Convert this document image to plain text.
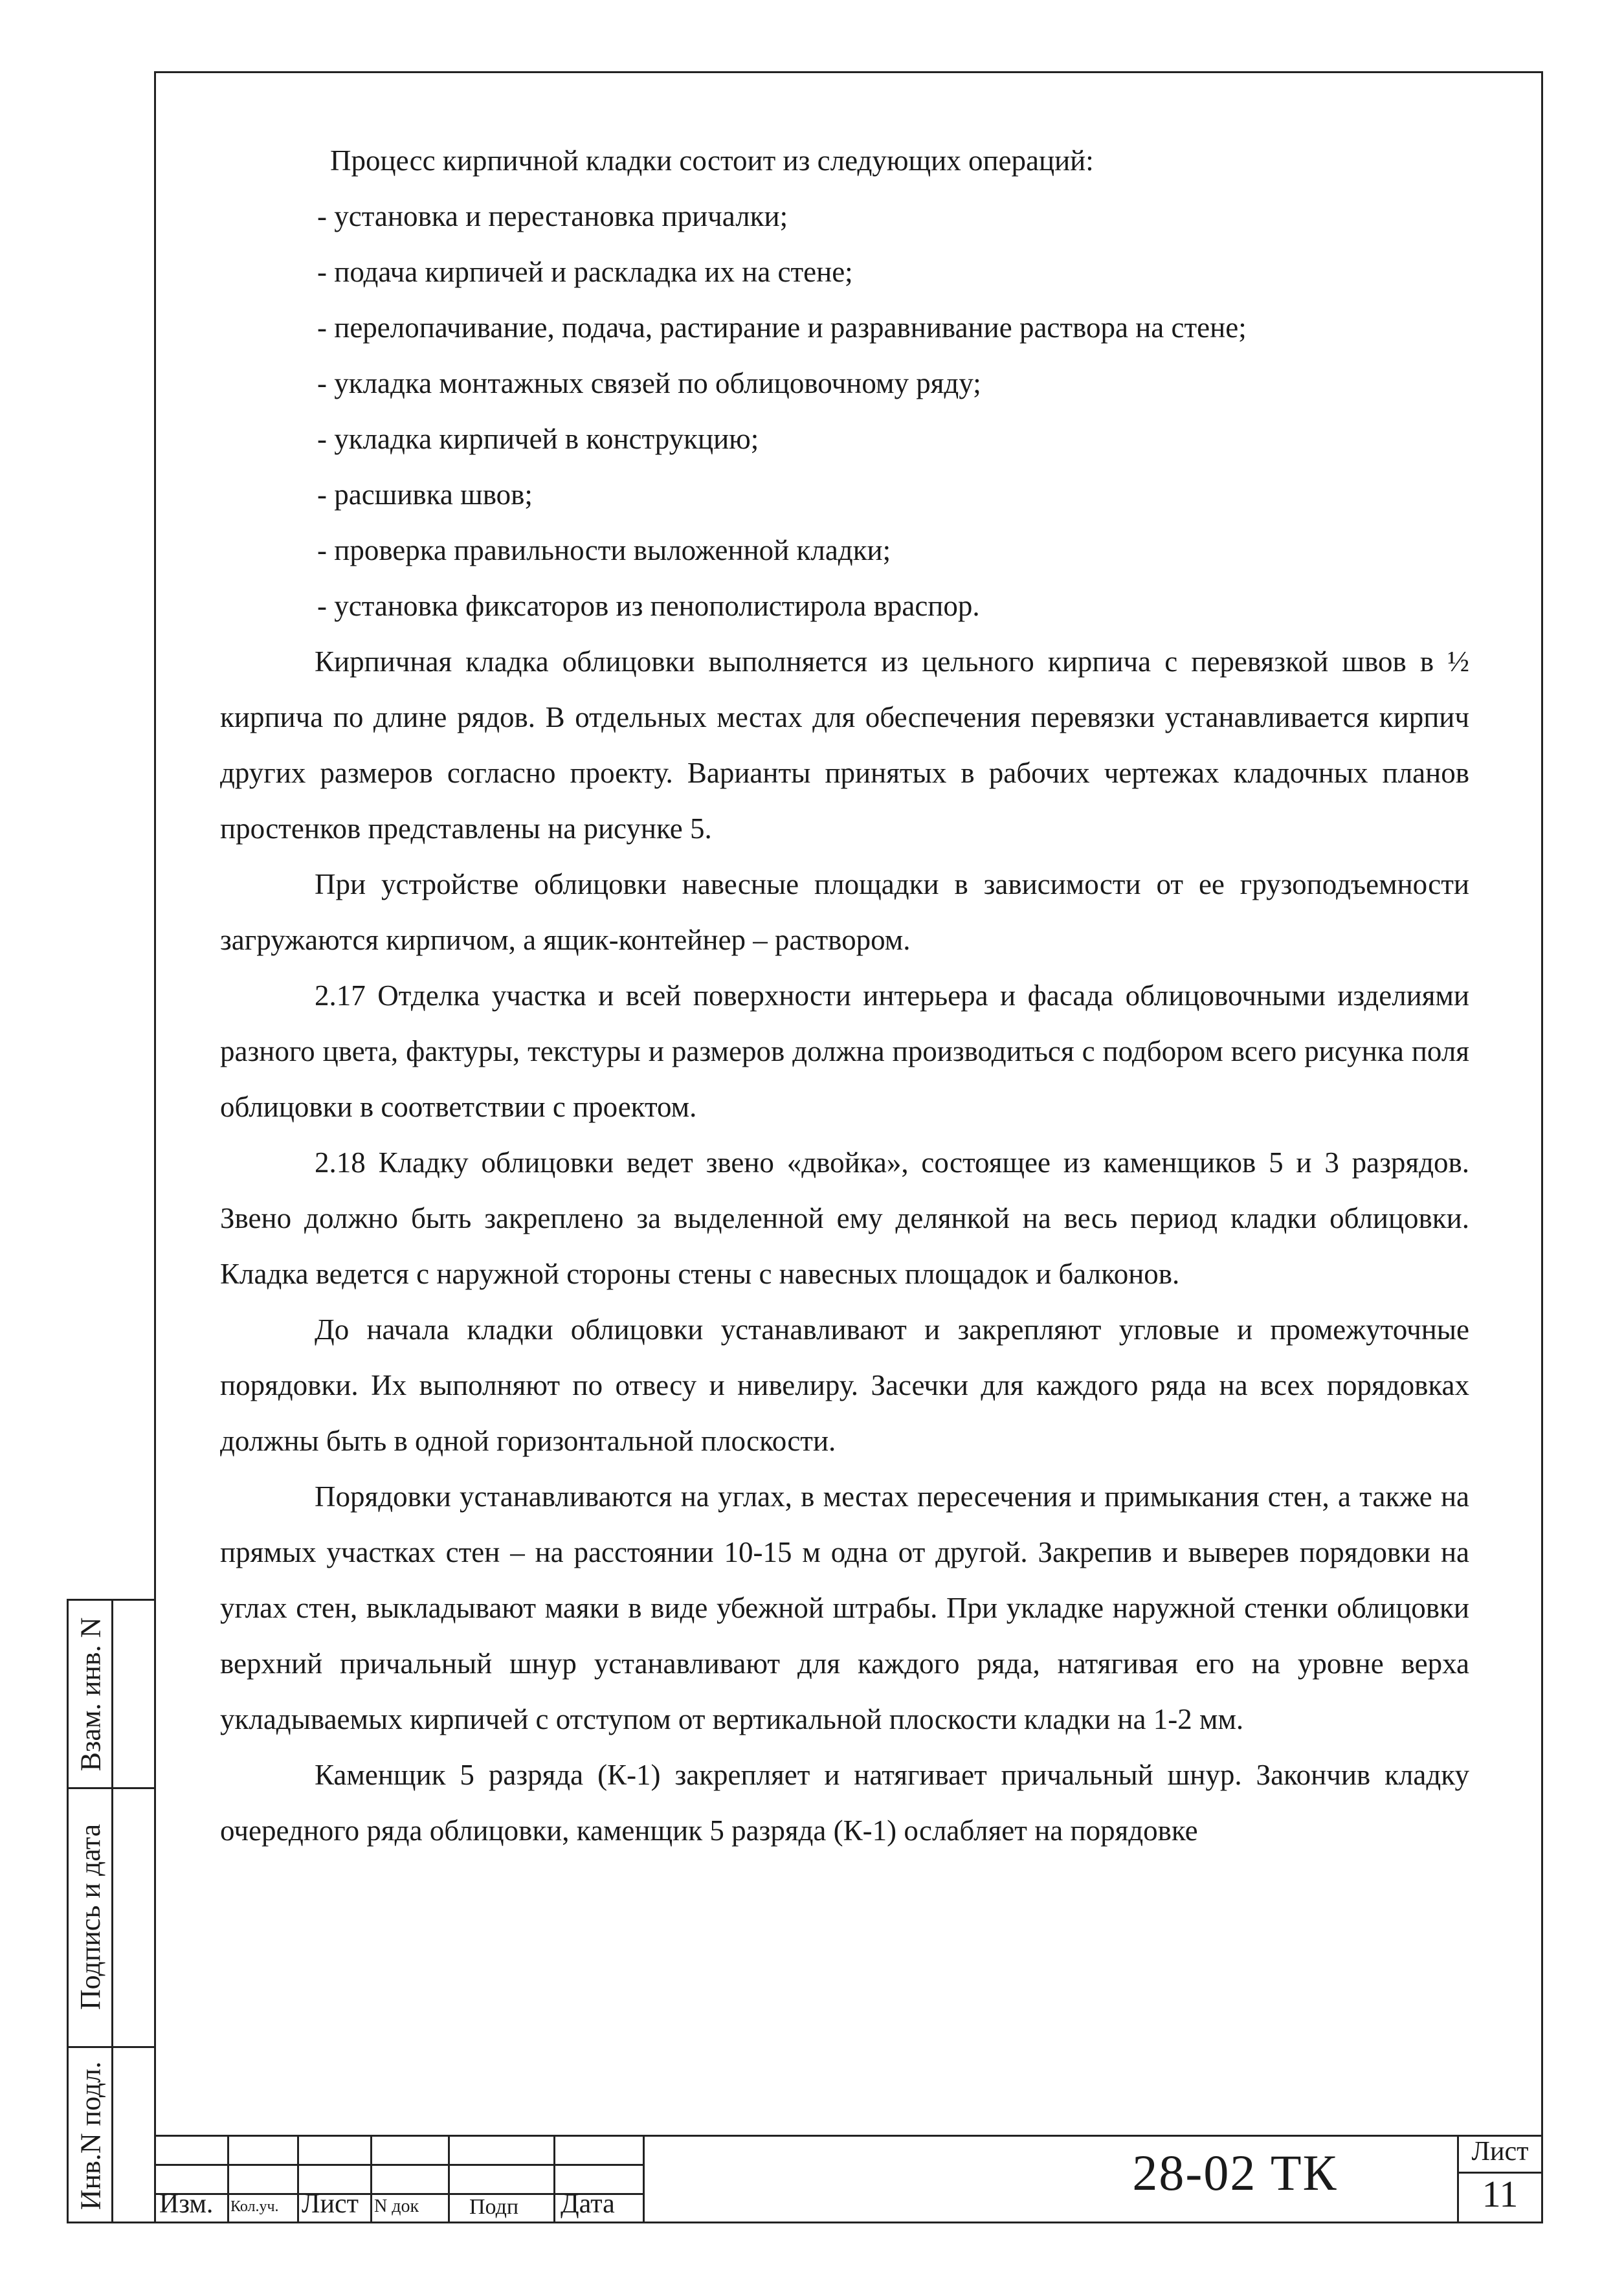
Процесс кирпичной кладки состоит из следующих операций:

- установка и перестановка причалки;

- подача кирпичей и раскладка их на стене;

- перелопачивание, подача, растирание и разравнивание раствора на стене;

- укладка монтажных связей по облицовочному ряду;

- укладка кирпичей в конструкцию;

- расшивка швов;

- проверка правильности выложенной кладки;

- установка фиксаторов из пенополистирола враспор.

Кирпичная кладка облицовки выполняется из цельного кирпича с перевязкой швов в ½ кирпича по длине рядов. В отдельных местах для обеспечения перевязки устанавливается кирпич других размеров согласно проекту. Варианты принятых в рабочих чертежах кладочных планов простенков представлены на рисунке 5.

При устройстве облицовки навесные площадки в зависимости от ее грузоподъемности загружаются кирпичом, а ящик-контейнер – раствором.

2.17 Отделка участка и всей поверхности интерьера и фасада облицовочными изделиями разного цвета, фактуры, текстуры и размеров должна производиться с подбором всего рисунка поля облицовки в соответствии с проектом.

2.18 Кладку облицовки ведет звено «двойка», состоящее из каменщиков 5 и 3 разрядов. Звено должно быть закреплено за выделенной ему делянкой на весь период кладки облицовки. Кладка ведется с наружной стороны стены с навесных площадок и балконов.

До начала кладки облицовки устанавливают и закрепляют угловые и промежуточные порядовки. Их выполняют по отвесу и нивелиру. Засечки для каждого ряда на всех порядовках должны быть в одной горизонтальной плоскости.

Порядовки устанавливаются на углах, в местах пересечения и примыкания стен, а также на прямых участках стен – на расстоянии 10-15 м одна от другой. Закрепив и выверев порядовки на углах стен, выкладывают маяки в виде убежной штрабы. При укладке наружной стенки облицовки верхний причальный шнур устанавливают для каждого ряда, натягивая его на уровне верха укладываемых кирпичей с отступом от вертикальной плоскости кладки на 1-2 мм.

Каменщик 5 разряда (К-1) закрепляет и натягивает причальный шнур. Закончив кладку очередного ряда облицовки, каменщик 5 разряда (К-1) ослабляет на порядовке

Взам. инв. N
Подпись и дата
Инв.N подл. Изм. Кол.уч. Лист N док Подп Дата
28-02 ТК	Лист
11
